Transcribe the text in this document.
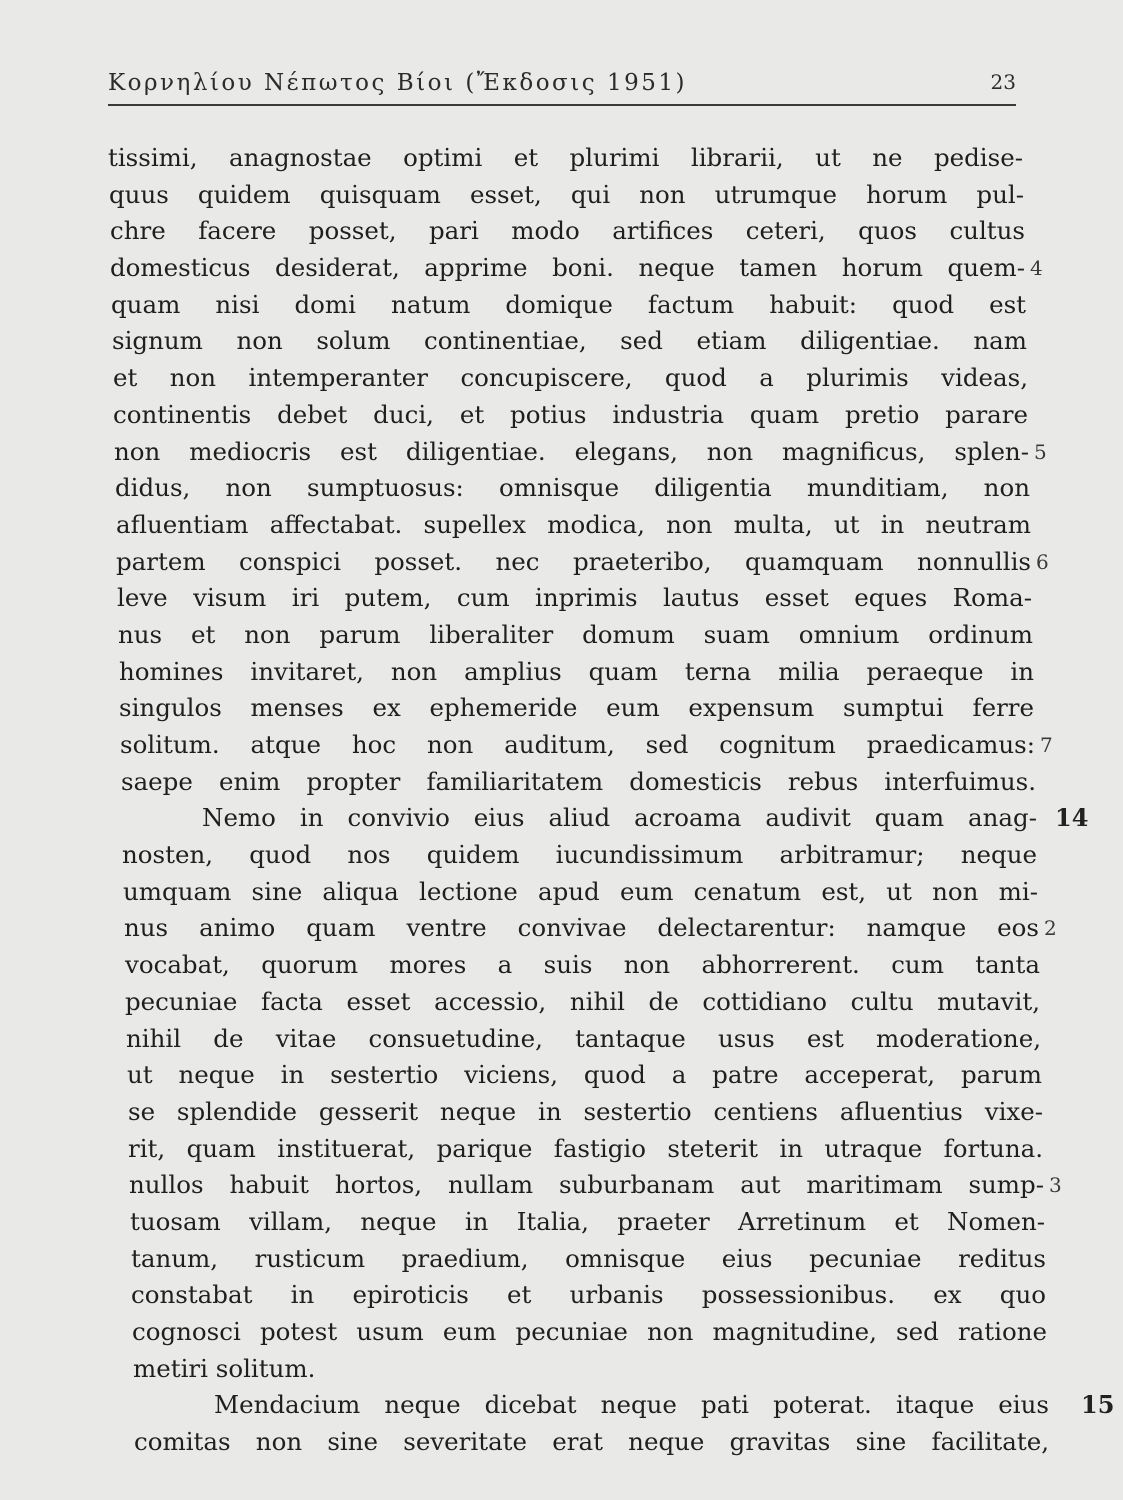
Κορνηλίου Νέπωτος Βίοι (Ἔκδοσις 1951)	23
tissimi, anagnostae optimi et plurimi librarii, ut ne pedise-
quus quidem quisquam esset, qui non utrumque horum pul-
chre facere posset, pari modo artifices ceteri, quos cultus
domesticus desiderat, apprime boni. neque tamen horum quem- 4
quam nisi domi natum domique factum habuit: quod est
signum non solum continentiae, sed etiam diligentiae. nam
et non intemperanter concupiscere, quod a plurimis videas,
continentis debet duci, et potius industria quam pretio parare
non mediocris est diligentiae. elegans, non magnificus, splen- 5
didus, non sumptuosus: omnisque diligentia munditiam, non
afluentiam affectabat. supellex modica, non multa, ut in neutram
partem conspici posset. nec praeteribo, quamquam nonnullis 6
leve visum iri putem, cum inprimis lautus esset eques Roma-
nus et non parum liberaliter domum suam omnium ordinum
homines invitaret, non amplius quam terna milia peraeque in
singulos menses ex ephemeride eum expensum sumptui ferre
solitum. atque hoc non auditum, sed cognitum praedicamus: 7
saepe enim propter familiaritatem domesticis rebus interfuimus.
Nemo in convivio eius aliud acroama audivit quam anag- 14
nosten, quod nos quidem iucundissimum arbitramur; neque
umquam sine aliqua lectione apud eum cenatum est, ut non mi-
nus animo quam ventre convivae delectarentur: namque eos 2
vocabat, quorum mores a suis non abhorrerent. cum tanta
pecuniae facta esset accessio, nihil de cottidiano cultu mutavit,
nihil de vitae consuetudine, tantaque usus est moderatione,
ut neque in sestertio viciens, quod a patre acceperat, parum
se splendide gesserit neque in sestertio centiens afluentius vixe-
rit, quam instituerat, parique fastigio steterit in utraque fortuna.
nullos habuit hortos, nullam suburbanam aut maritimam sump- 3
tuosam villam, neque in Italia, praeter Arretinum et Nomen-
tanum, rusticum praedium, omnisque eius pecuniae reditus
constabat in epiroticis et urbanis possessionibus. ex quo
cognosci potest usum eum pecuniae non magnitudine, sed ratione
metiri solitum.
Mendacium neque dicebat neque pati poterat. itaque eius 15
comitas non sine severitate erat neque gravitas sine facilitate,
